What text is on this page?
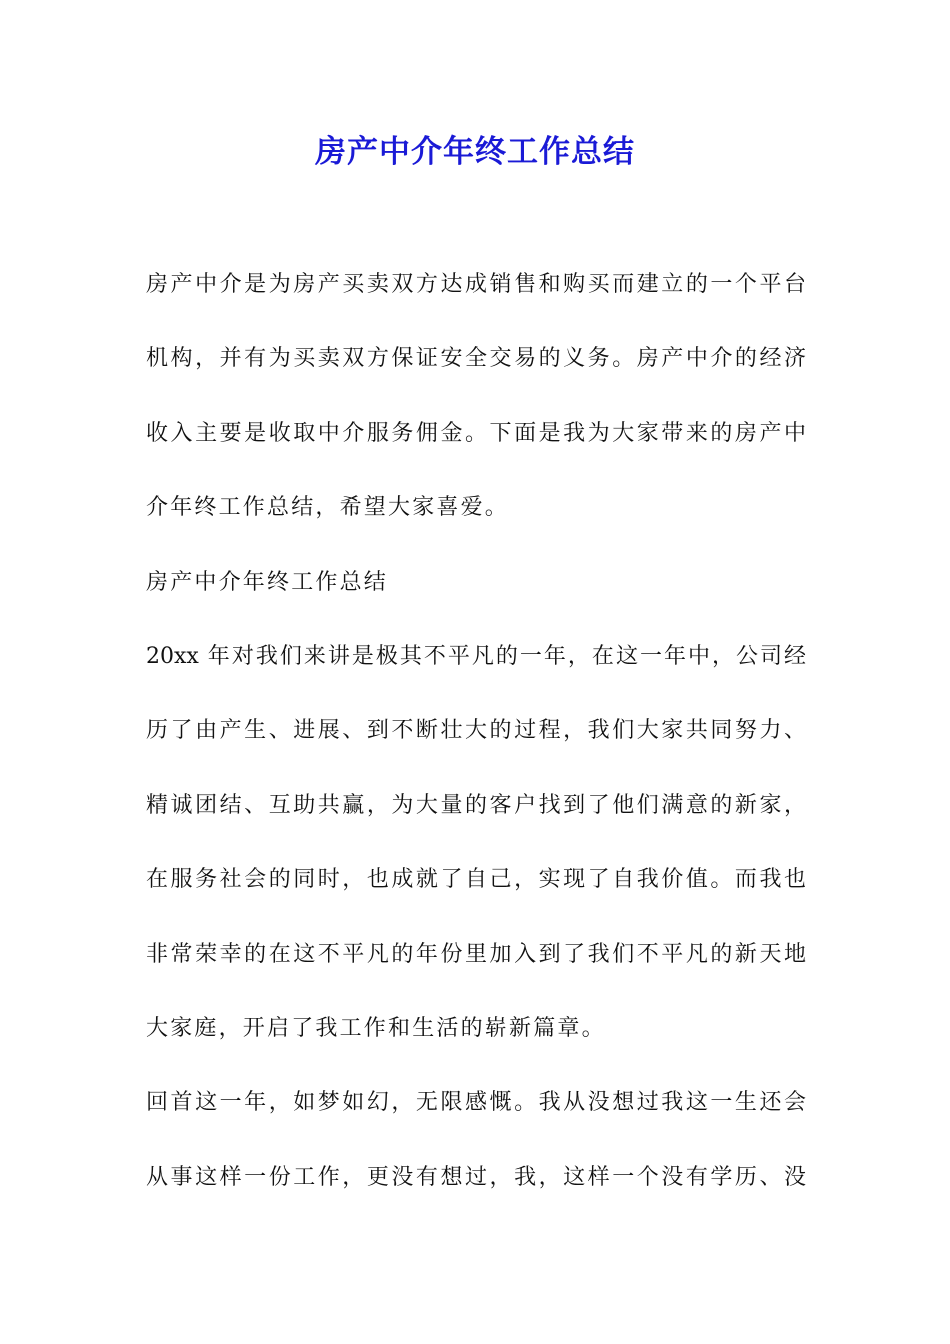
房产中介年终工作总结

房产中介是为房产买卖双方达成销售和购买而建立的一个平台

机构，并有为买卖双方保证安全交易的义务。房产中介的经济

收入主要是收取中介服务佣金。下面是我为大家带来的房产中

介年终工作总结，希望大家喜爱。

房产中介年终工作总结

20xx 年对我们来讲是极其不平凡的一年，在这一年中，公司经

历了由产生、进展、到不断壮大的过程，我们大家共同努力、

精诚团结、互助共赢，为大量的客户找到了他们满意的新家，

在服务社会的同时，也成就了自己，实现了自我价值。而我也

非常荣幸的在这不平凡的年份里加入到了我们不平凡的新天地

大家庭，开启了我工作和生活的崭新篇章。

回首这一年，如梦如幻，无限感慨。我从没想过我这一生还会

从事这样一份工作，更没有想过，我，这样一个没有学历、没
